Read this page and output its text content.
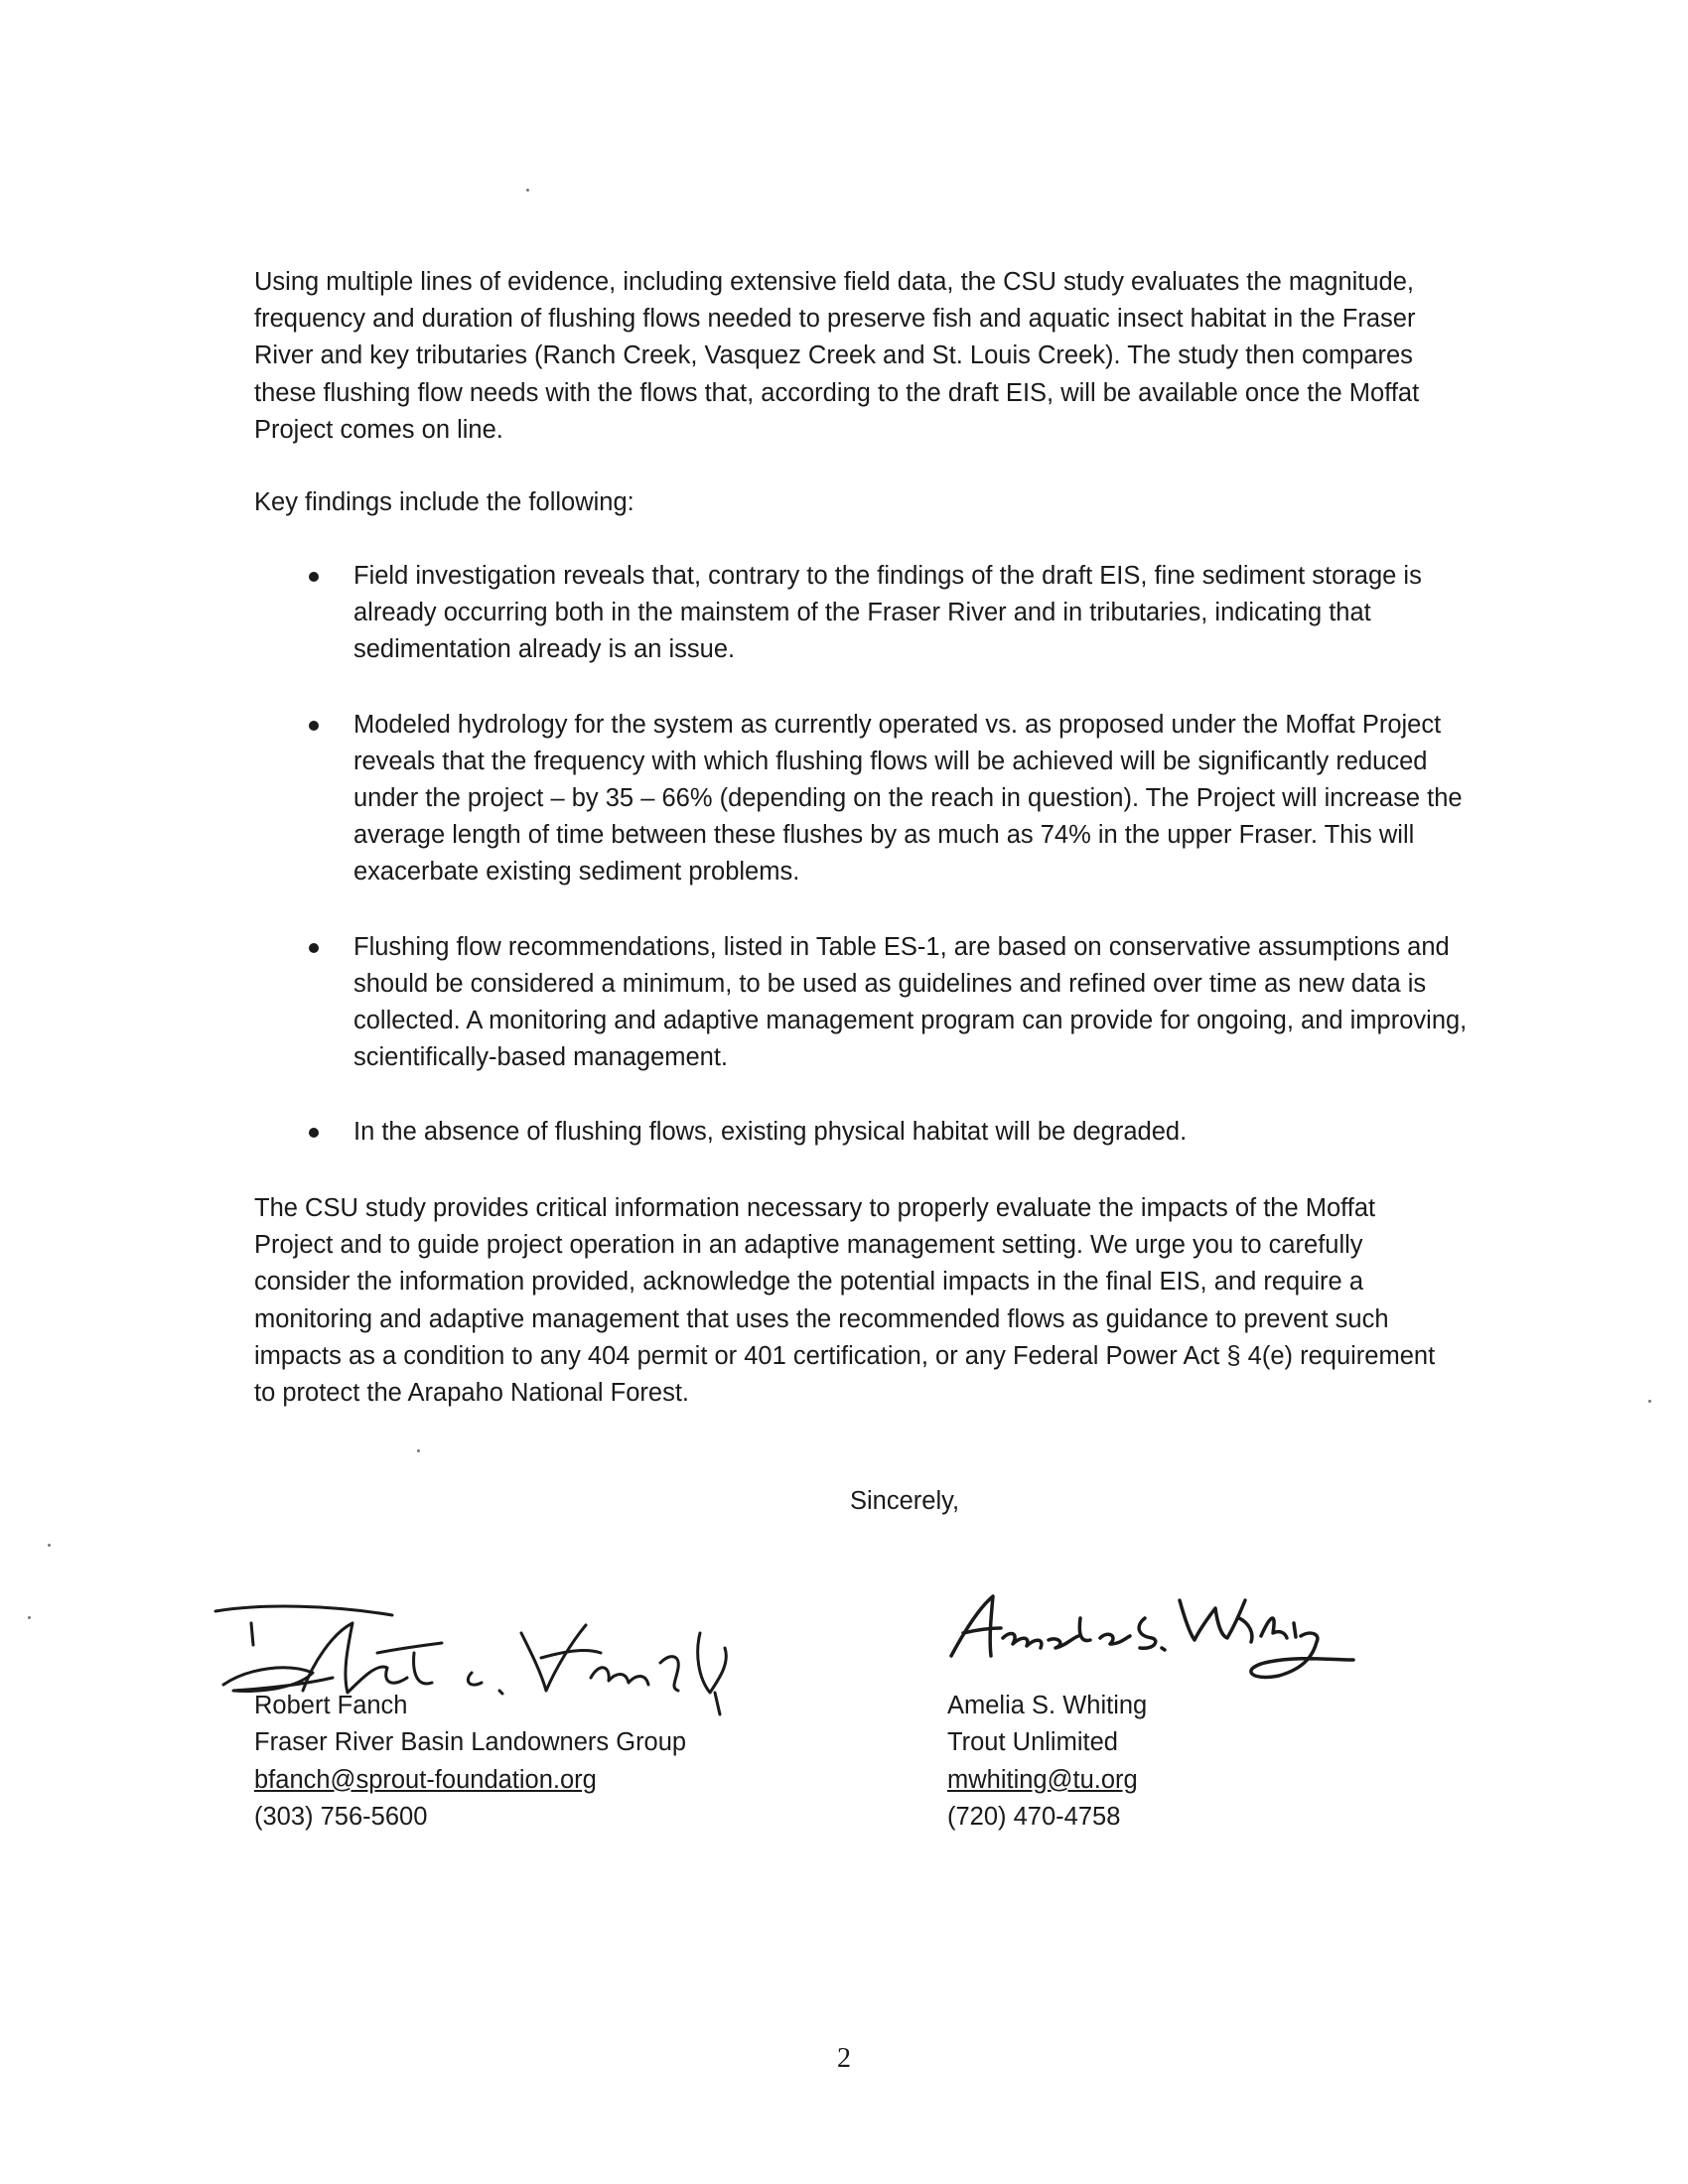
Using multiple lines of evidence, including extensive field data, the CSU study evaluates the magnitude, frequency and duration of flushing flows needed to preserve fish and aquatic insect habitat in the Fraser River and key tributaries (Ranch Creek, Vasquez Creek and St. Louis Creek). The study then compares these flushing flow needs with the flows that, according to the draft EIS, will be available once the Moffat Project comes on line.

Key findings include the following:

Field investigation reveals that, contrary to the findings of the draft EIS, fine sediment storage is already occurring both in the mainstem of the Fraser River and in tributaries, indicating that sedimentation already is an issue.
Modeled hydrology for the system as currently operated vs. as proposed under the Moffat Project reveals that the frequency with which flushing flows will be achieved will be significantly reduced under the project – by 35 – 66% (depending on the reach in question). The Project will increase the average length of time between these flushes by as much as 74% in the upper Fraser. This will exacerbate existing sediment problems.
Flushing flow recommendations, listed in Table ES-1, are based on conservative assumptions and should be considered a minimum, to be used as guidelines and refined over time as new data is collected. A monitoring and adaptive management program can provide for ongoing, and improving, scientifically-based management.
In the absence of flushing flows, existing physical habitat will be degraded.

The CSU study provides critical information necessary to properly evaluate the impacts of the Moffat Project and to guide project operation in an adaptive management setting. We urge you to carefully consider the information provided, acknowledge the potential impacts in the final EIS, and require a monitoring and adaptive management that uses the recommended flows as guidance to prevent such impacts as a condition to any 404 permit or 401 certification, or any Federal Power Act § 4(e) requirement to protect the Arapaho National Forest.

Sincerely,

Robert Fanch
Fraser River Basin Landowners Group
bfanch@sprout-foundation.org
(303) 756-5600
Amelia S. Whiting
Trout Unlimited
mwhiting@tu.org
(720) 470-4758

2
